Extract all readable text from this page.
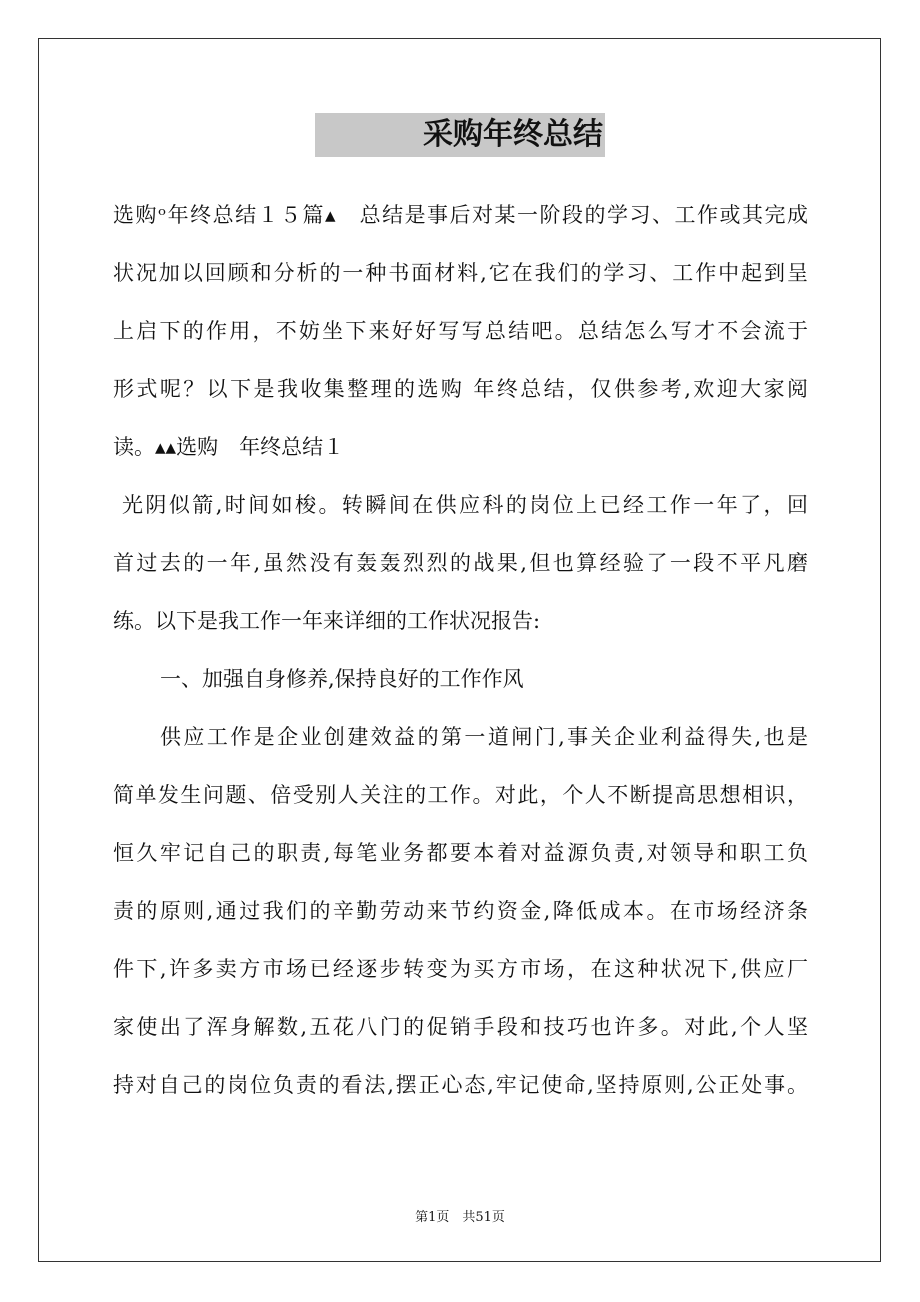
采购年终总结
选购ᵒ年终总结１５篇▴　总结是事后对某一阶段的学习、工作或其完成
状况加以回顾和分析的一种书面材料,它在我们的学习、工作中起到呈
上启下的作用，不妨坐下来好好写写总结吧。总结怎么写才不会流于
形式呢？以下是我收集整理的选购 年终总结，仅供参考,欢迎大家阅
读。▴▴选购　年终总结１
光阴似箭,时间如梭。转瞬间在供应科的岗位上已经工作一年了，回
首过去的一年,虽然没有轰轰烈烈的战果,但也算经验了一段不平凡磨
练。以下是我工作一年来详细的工作状况报告:
一、加强自身修养,保持良好的工作作风
供应工作是企业创建效益的第一道闸门,事关企业利益得失,也是
简单发生问题、倍受别人关注的工作。对此，个人不断提高思想相识，
恒久牢记自己的职责,每笔业务都要本着对益源负责,对领导和职工负
责的原则,通过我们的辛勤劳动来节约资金,降低成本。在市场经济条
件下,许多卖方市场已经逐步转变为买方市场，在这种状况下,供应厂
家使出了浑身解数,五花八门的促销手段和技巧也许多。对此,个人坚
持对自己的岗位负责的看法,摆正心态,牢记使命,坚持原则,公正处事。
第1页　共51页
